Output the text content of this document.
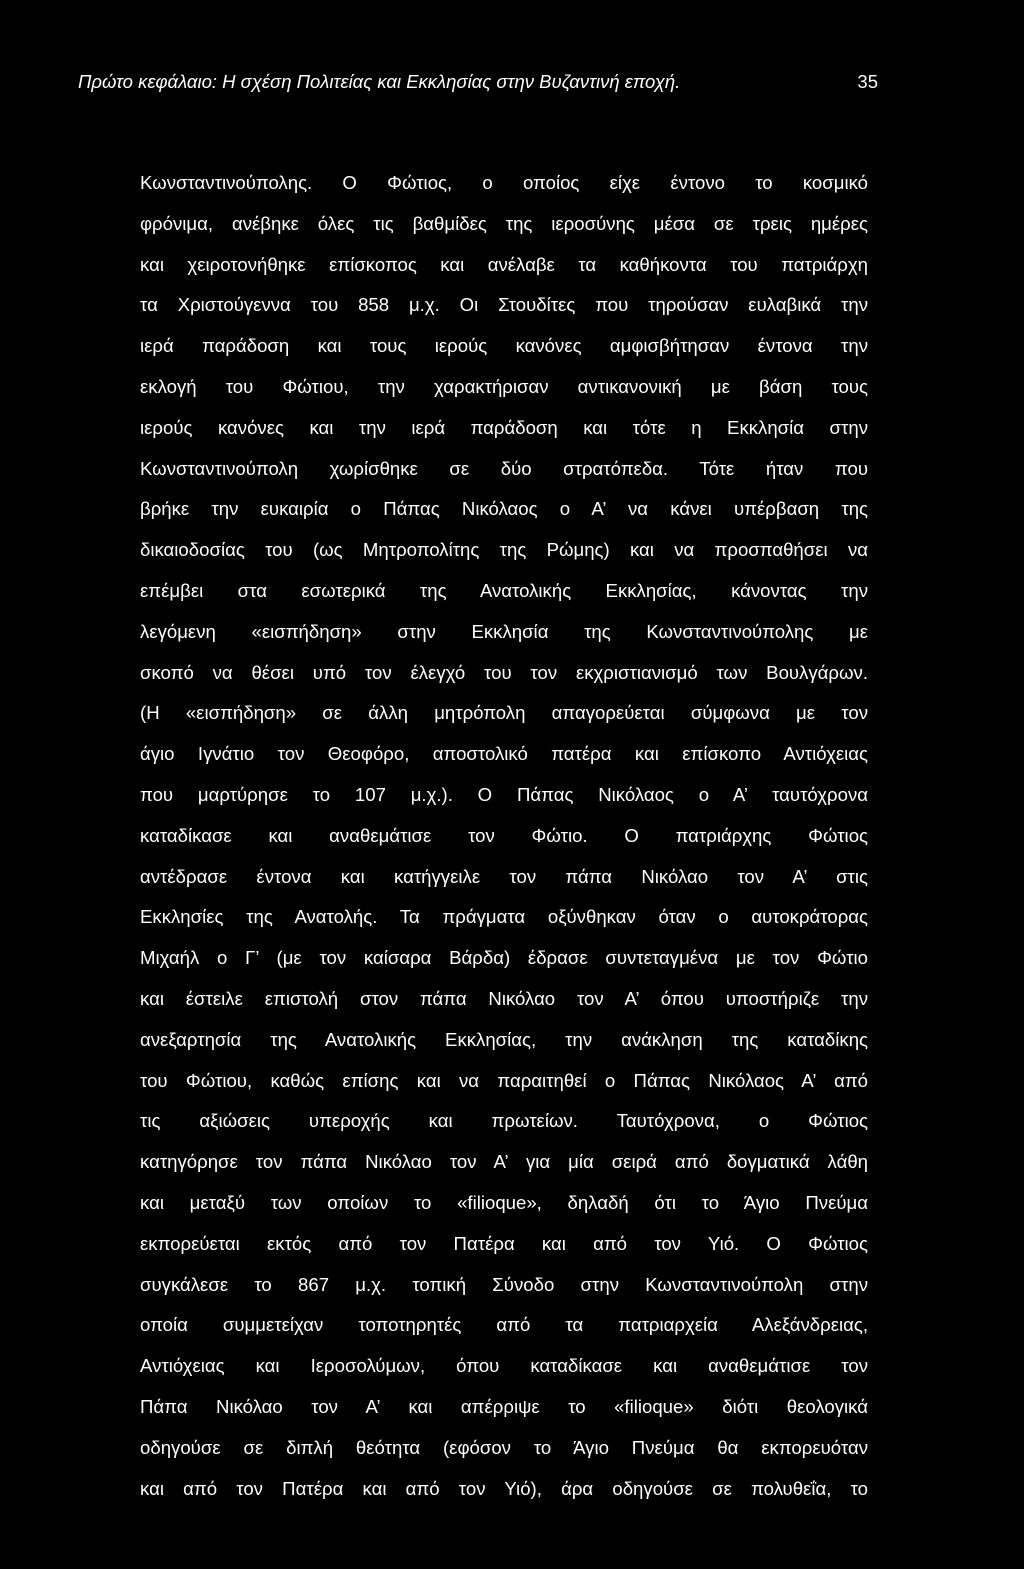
Πρώτο κεφάλαιο: Η σχέση Πολιτείας και Εκκλησίας στην Βυζαντινή εποχή.	35
Κωνσταντινούπολης. Ο Φώτιος, ο οποίος είχε έντονο το κοσμικό
φρόνιμα, ανέβηκε όλες τις βαθμίδες της ιεροσύνης μέσα σε τρεις ημέρες
και χειροτονήθηκε επίσκοπος και ανέλαβε τα καθήκοντα του πατριάρχη
τα Χριστούγεννα του 858 μ.χ. Οι Στουδίτες που τηρούσαν ευλαβικά την
ιερά παράδοση και τους ιερούς κανόνες αμφισβήτησαν έντονα την
εκλογή του Φώτιου, την χαρακτήρισαν αντικανονική με βάση τους
ιερούς κανόνες και την ιερά παράδοση και τότε η Εκκλησία στην
Κωνσταντινούπολη χωρίσθηκε σε δύο στρατόπεδα. Τότε ήταν που
βρήκε την ευκαιρία ο Πάπας Νικόλαος ο Α’ να κάνει υπέρβαση της
δικαιοδοσίας του (ως Μητροπολίτης της Ρώμης) και να προσπαθήσει να
επέμβει στα εσωτερικά της Ανατολικής Εκκλησίας, κάνοντας την
λεγόμενη «εισπήδηση» στην Εκκλησία της Κωνσταντινούπολης με
σκοπό να θέσει υπό τον έλεγχό του τον εκχριστιανισμό των Βουλγάρων.
(Η «εισπήδηση» σε άλλη μητρόπολη απαγορεύεται σύμφωνα με τον
άγιο Ιγνάτιο τον Θεοφόρο, αποστολικό πατέρα και επίσκοπο Αντιόχειας
που μαρτύρησε το 107 μ.χ.). Ο Πάπας Νικόλαος ο Α’ ταυτόχρονα
καταδίκασε και αναθεμάτισε τον Φώτιο. Ο πατριάρχης Φώτιος
αντέδρασε έντονα και κατήγγειλε τον πάπα Νικόλαο τον Α’ στις
Εκκλησίες της Ανατολής. Τα πράγματα οξύνθηκαν όταν ο αυτοκράτορας
Μιχαήλ ο Γ’ (με τον καίσαρα Βάρδα) έδρασε συντεταγμένα με τον Φώτιο
και έστειλε επιστολή στον πάπα Νικόλαο τον Α’ όπου υποστήριζε την
ανεξαρτησία της Ανατολικής Εκκλησίας, την ανάκληση της καταδίκης
του Φώτιου, καθώς επίσης και να παραιτηθεί ο Πάπας Νικόλαος Α’ από
τις αξιώσεις υπεροχής και πρωτείων. Ταυτόχρονα, ο Φώτιος
κατηγόρησε τον πάπα Νικόλαο τον Α’ για μία σειρά από δογματικά λάθη
και μεταξύ των οποίων το «filioque», δηλαδή ότι το Άγιο Πνεύμα
εκπορεύεται εκτός από τον Πατέρα και από τον Υιό. Ο Φώτιος
συγκάλεσε το 867 μ.χ. τοπική Σύνοδο στην Κωνσταντινούπολη στην
οποία συμμετείχαν τοποτηρητές από τα πατριαρχεία Αλεξάνδρειας,
Αντιόχειας και Ιεροσολύμων, όπου καταδίκασε και αναθεμάτισε τον
Πάπα Νικόλαο τον Α’ και απέρριψε το «filioque» διότι θεολογικά
οδηγούσε σε διπλή θεότητα (εφόσον το Άγιο Πνεύμα θα εκπορευόταν
και από τον Πατέρα και από τον Υιό), άρα οδηγούσε σε πολυθεΐα, το
